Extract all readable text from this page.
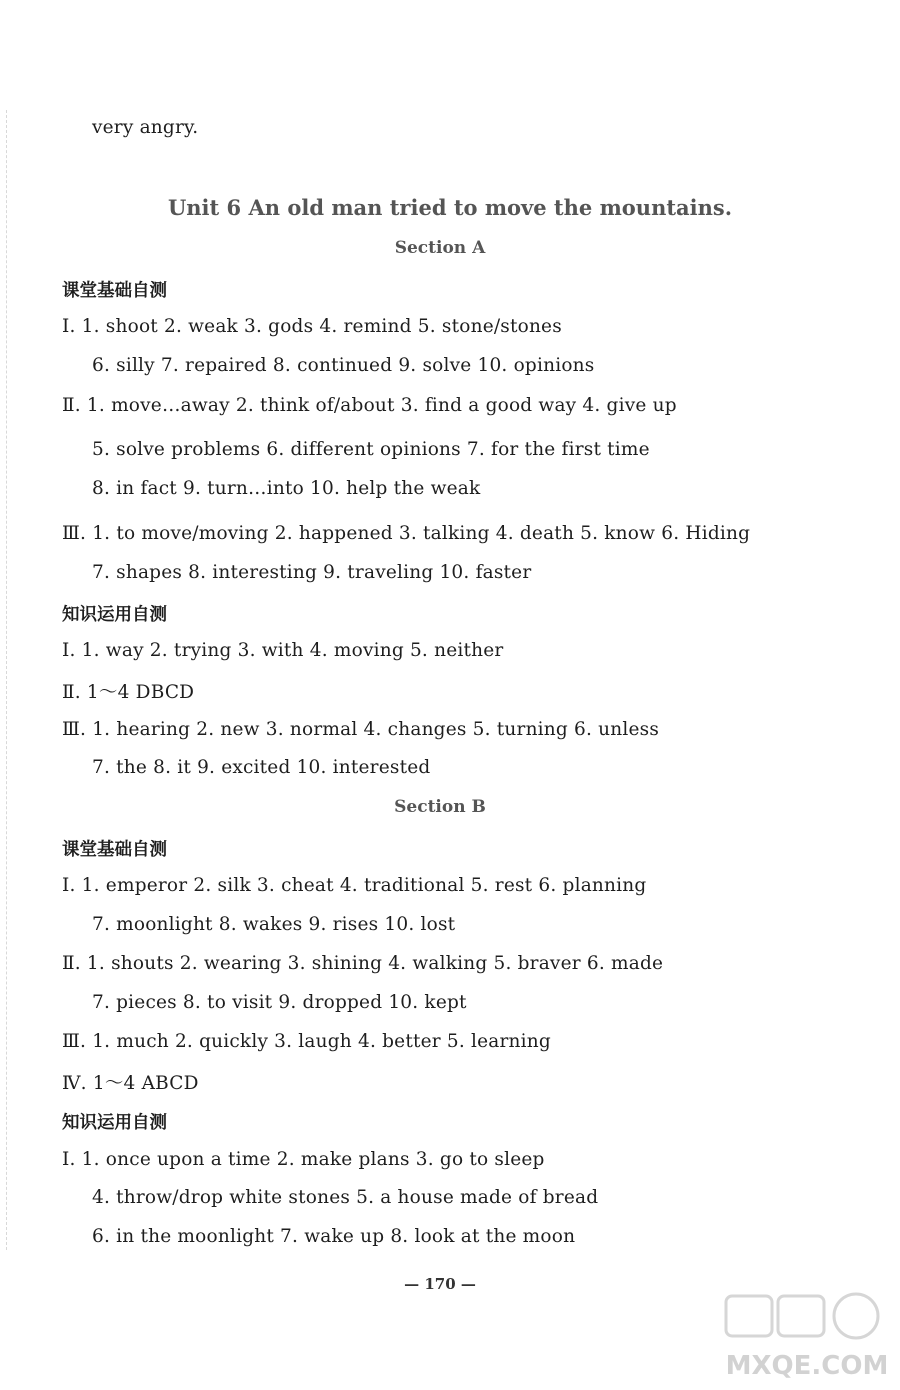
very angry.
Unit 6 An old man tried to move the mountains.
Section A
课堂基础自测
Ⅰ. 1. shoot 2. weak 3. gods 4. remind 5. stone/stones
6. silly 7. repaired 8. continued 9. solve 10. opinions
Ⅱ. 1. move…away 2. think of/about 3. find a good way 4. give up
5. solve problems 6. different opinions 7. for the first time
8. in fact 9. turn…into 10. help the weak
Ⅲ. 1. to move/moving 2. happened 3. talking 4. death 5. know 6. Hiding
7. shapes 8. interesting 9. traveling 10. faster
知识运用自测
Ⅰ. 1. way 2. trying 3. with 4. moving 5. neither
Ⅱ. 1～4 DBCD
Ⅲ. 1. hearing 2. new 3. normal 4. changes 5. turning 6. unless
7. the 8. it 9. excited 10. interested
Section B
课堂基础自测
Ⅰ. 1. emperor 2. silk 3. cheat 4. traditional 5. rest 6. planning
7. moonlight 8. wakes 9. rises 10. lost
Ⅱ. 1. shouts 2. wearing 3. shining 4. walking 5. braver 6. made
7. pieces 8. to visit 9. dropped 10. kept
Ⅲ. 1. much 2. quickly 3. laugh 4. better 5. learning
Ⅳ. 1～4 ABCD
知识运用自测
Ⅰ. 1. once upon a time 2. make plans 3. go to sleep
4. throw/drop white stones 5. a house made of bread
6. in the moonlight 7. wake up 8. look at the moon
— 170 —
MXQE.COM
